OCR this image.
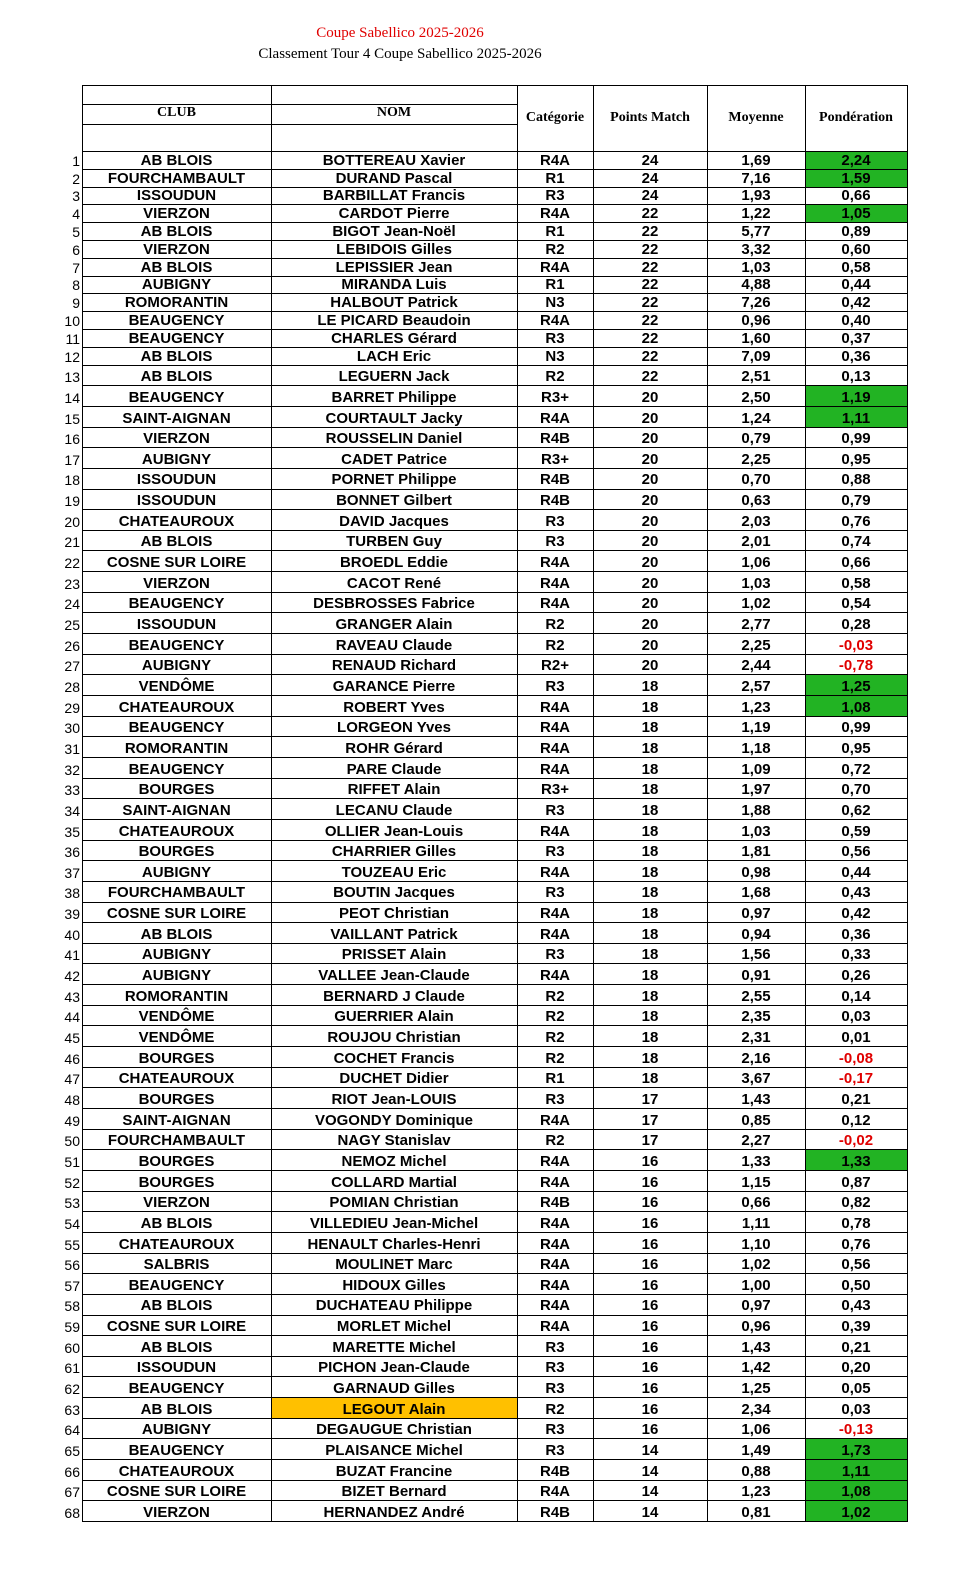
Coupe Sabellico 2025-2026
Classement Tour 4 Coupe Sabellico 2025-2026
CLUB	NOM	Catégorie	Points Match	Moyenne	Pondération
1	AB BLOIS	BOTTEREAU Xavier	R4A	24	1,69	2,24
2	FOURCHAMBAULT	DURAND Pascal	R1	24	7,16	1,59
3	ISSOUDUN	BARBILLAT Francis	R3	24	1,93	0,66
4	VIERZON	CARDOT Pierre	R4A	22	1,22	1,05
5	AB BLOIS	BIGOT Jean-Noël	R1	22	5,77	0,89
6	VIERZON	LEBIDOIS Gilles	R2	22	3,32	0,60
7	AB BLOIS	LEPISSIER Jean	R4A	22	1,03	0,58
8	AUBIGNY	MIRANDA Luis	R1	22	4,88	0,44
9	ROMORANTIN	HALBOUT Patrick	N3	22	7,26	0,42
10	BEAUGENCY	LE PICARD Beaudoin	R4A	22	0,96	0,40
11	BEAUGENCY	CHARLES Gérard	R3	22	1,60	0,37
12	AB BLOIS	LACH Eric	N3	22	7,09	0,36
13	AB BLOIS	LEGUERN Jack	R2	22	2,51	0,13
14	BEAUGENCY	BARRET Philippe	R3+	20	2,50	1,19
15	SAINT-AIGNAN	COURTAULT Jacky	R4A	20	1,24	1,11
16	VIERZON	ROUSSELIN Daniel	R4B	20	0,79	0,99
17	AUBIGNY	CADET Patrice	R3+	20	2,25	0,95
18	ISSOUDUN	PORNET Philippe	R4B	20	0,70	0,88
19	ISSOUDUN	BONNET Gilbert	R4B	20	0,63	0,79
20	CHATEAUROUX	DAVID Jacques	R3	20	2,03	0,76
21	AB BLOIS	TURBEN Guy	R3	20	2,01	0,74
22	COSNE SUR LOIRE	BROEDL Eddie	R4A	20	1,06	0,66
23	VIERZON	CACOT René	R4A	20	1,03	0,58
24	BEAUGENCY	DESBROSSES Fabrice	R4A	20	1,02	0,54
25	ISSOUDUN	GRANGER Alain	R2	20	2,77	0,28
26	BEAUGENCY	RAVEAU Claude	R2	20	2,25	-0,03
27	AUBIGNY	RENAUD Richard	R2+	20	2,44	-0,78
28	VENDÔME	GARANCE Pierre	R3	18	2,57	1,25
29	CHATEAUROUX	ROBERT Yves	R4A	18	1,23	1,08
30	BEAUGENCY	LORGEON Yves	R4A	18	1,19	0,99
31	ROMORANTIN	ROHR Gérard	R4A	18	1,18	0,95
32	BEAUGENCY	PARE Claude	R4A	18	1,09	0,72
33	BOURGES	RIFFET Alain	R3+	18	1,97	0,70
34	SAINT-AIGNAN	LECANU Claude	R3	18	1,88	0,62
35	CHATEAUROUX	OLLIER Jean-Louis	R4A	18	1,03	0,59
36	BOURGES	CHARRIER Gilles	R3	18	1,81	0,56
37	AUBIGNY	TOUZEAU Eric	R4A	18	0,98	0,44
38	FOURCHAMBAULT	BOUTIN Jacques	R3	18	1,68	0,43
39	COSNE SUR LOIRE	PEOT Christian	R4A	18	0,97	0,42
40	AB BLOIS	VAILLANT Patrick	R4A	18	0,94	0,36
41	AUBIGNY	PRISSET Alain	R3	18	1,56	0,33
42	AUBIGNY	VALLEE Jean-Claude	R4A	18	0,91	0,26
43	ROMORANTIN	BERNARD J Claude	R2	18	2,55	0,14
44	VENDÔME	GUERRIER Alain	R2	18	2,35	0,03
45	VENDÔME	ROUJOU Christian	R2	18	2,31	0,01
46	BOURGES	COCHET Francis	R2	18	2,16	-0,08
47	CHATEAUROUX	DUCHET Didier	R1	18	3,67	-0,17
48	BOURGES	RIOT Jean-LOUIS	R3	17	1,43	0,21
49	SAINT-AIGNAN	VOGONDY Dominique	R4A	17	0,85	0,12
50	FOURCHAMBAULT	NAGY Stanislav	R2	17	2,27	-0,02
51	BOURGES	NEMOZ Michel	R4A	16	1,33	1,33
52	BOURGES	COLLARD Martial	R4A	16	1,15	0,87
53	VIERZON	POMIAN Christian	R4B	16	0,66	0,82
54	AB BLOIS	VILLEDIEU Jean-Michel	R4A	16	1,11	0,78
55	CHATEAUROUX	HENAULT Charles-Henri	R4A	16	1,10	0,76
56	SALBRIS	MOULINET Marc	R4A	16	1,02	0,56
57	BEAUGENCY	HIDOUX Gilles	R4A	16	1,00	0,50
58	AB BLOIS	DUCHATEAU Philippe	R4A	16	0,97	0,43
59	COSNE SUR LOIRE	MORLET Michel	R4A	16	0,96	0,39
60	AB BLOIS	MARETTE Michel	R3	16	1,43	0,21
61	ISSOUDUN	PICHON Jean-Claude	R3	16	1,42	0,20
62	BEAUGENCY	GARNAUD Gilles	R3	16	1,25	0,05
63	AB BLOIS	LEGOUT Alain	R2	16	2,34	0,03
64	AUBIGNY	DEGAUGUE Christian	R3	16	1,06	-0,13
65	BEAUGENCY	PLAISANCE Michel	R3	14	1,49	1,73
66	CHATEAUROUX	BUZAT Francine	R4B	14	0,88	1,11
67	COSNE SUR LOIRE	BIZET Bernard	R4A	14	1,23	1,08
68	VIERZON	HERNANDEZ André	R4B	14	0,81	1,02
